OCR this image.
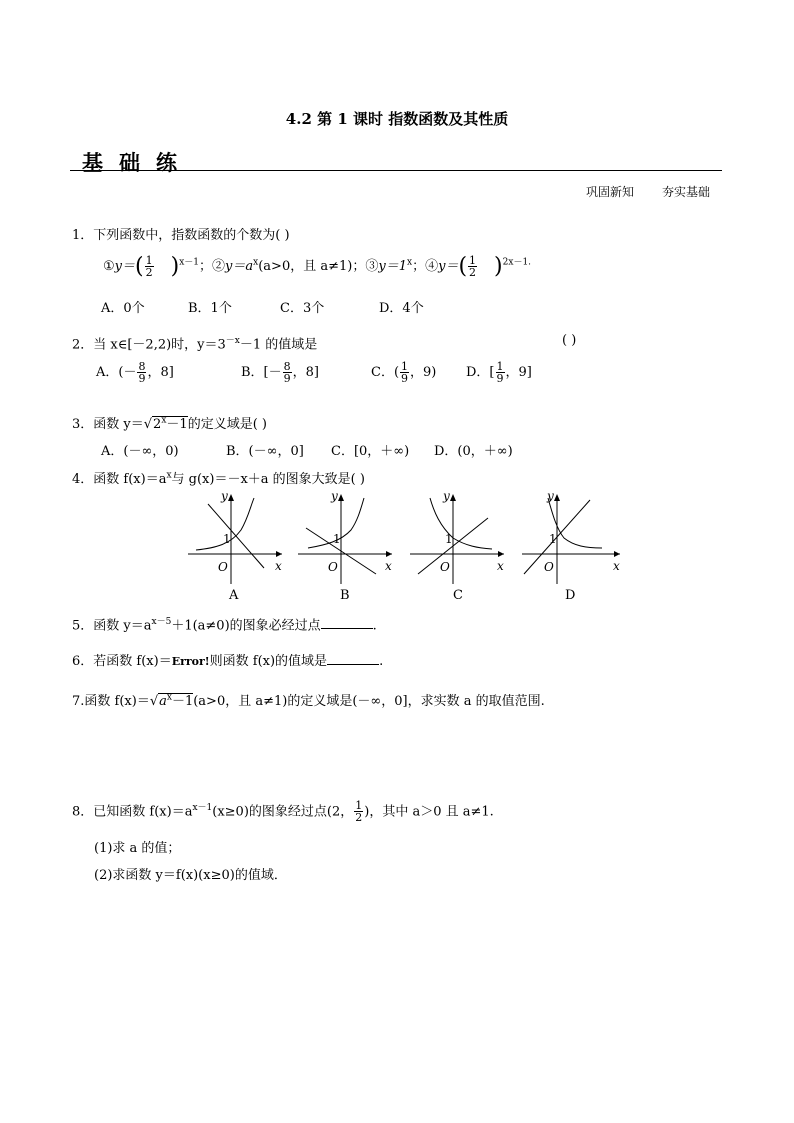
4.2 第 1 课时 指数函数及其性质
基础练
巩固新知 夯实基础
1．下列函数中，指数函数的个数为( )
①y＝( $\frac{1}{2} )^{x-1}$；$②y=a^x(a>0$，且 a≠1)；$③y=1^x$；④y＝( $\frac{1}{2} )^{2x-1.}$
A．0个	B．1个	C．3个	D．4个
2．当 x∈[－2,2)时，$y=3^{-x}-1$ 的值域是	( )
A．(－ $\frac{8}{9}$ ，8]	B．[－ $\frac{8}{9}$ ，8]	C．( $\frac{1}{9}$ ，9) D．[ $\frac{1}{9}$ ，9]
3．函数 $y=√2^x-1$的定义域是( )
A．(－∞，0)	B．(－∞，0] C．[0，＋∞) D．(0，＋∞)
4．函数 $f(x)=a^x$与 g(x)＝－x＋a 的图象大致是( )
y
x
O
1
A
y
x
O
1
B
y
x
O
1
C
y
x
O
1
D
5．函数 $y=a^{x-5}+1(a\ne 0)$的图象必经过点	.
6．若函数 f(x)＝Error!则函数 f(x)的值域是	.
7.函数 $f(x)=√a^x-1(a>0$，且 a≠1)的定义域是(－∞，0]，求实数 a 的取值范围.
8．已知函数 $f(x)=a^{x-1}(x\ge 0)$的图象经过点(2， $\frac{1}{2}$ )，其中 a＞0 且 a≠1.
(1)求 a 的值；
(2)求函数 y＝f(x)(x≥0)的值域．
